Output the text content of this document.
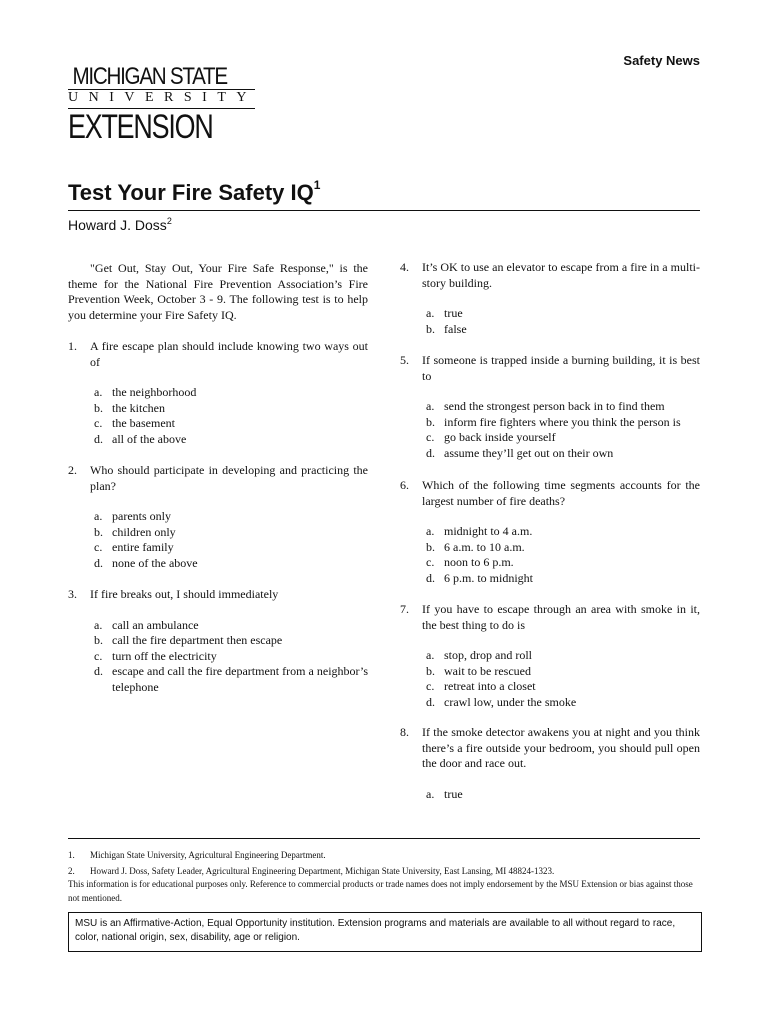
Safety News
MICHIGAN STATE
UNIVERSITY
EXTENSION
Test Your Fire Safety $IQ^1$
Howard J. Doss$^2$
"Get Out, Stay Out, Your Fire Safe Response," is the theme for the National Fire Prevention Association’s Fire Prevention Week, October 3 - 9. The following test is to help you determine your Fire Safety IQ.
1. A fire escape plan should include knowing two ways out of
a. the neighborhood
b. the kitchen
c. the basement
d. all of the above
2. Who should participate in developing and practicing the plan?
a. parents only
b. children only
c. entire family
d. none of the above
3. If fire breaks out, I should immediately
a. call an ambulance
b. call the fire department then escape
c. turn off the electricity
d. escape and call the fire department from a neighbor’s telephone
4. It’s OK to use an elevator to escape from a fire in a multi-story building.
a. true
b. false
5. If someone is trapped inside a burning building, it is best to
a. send the strongest person back in to find them
b. inform fire fighters where you think the person is
c. go back inside yourself
d. assume they’ll get out on their own
6. Which of the following time segments accounts for the largest number of fire deaths?
a. midnight to 4 a.m.
b. 6 a.m. to 10 a.m.
c. noon to 6 p.m.
d. 6 p.m. to midnight
7. If you have to escape through an area with smoke in it, the best thing to do is
a. stop, drop and roll
b. wait to be rescued
c. retreat into a closet
d. crawl low, under the smoke
8. If the smoke detector awakens you at night and you think there’s a fire outside your bedroom, you should pull open the door and race out.
a. true
1. Michigan State University, Agricultural Engineering Department.
2. Howard J. Doss, Safety Leader, Agricultural Engineering Department, Michigan State University, East Lansing, MI 48824-1323.
This information is for educational purposes only. Reference to commercial products or trade names does not imply endorsement by the MSU Extension or bias against those not mentioned.
MSU is an Affirmative-Action, Equal Opportunity institution. Extension programs and materials are available to all without regard to race, color, national origin, sex, disability, age or religion.
